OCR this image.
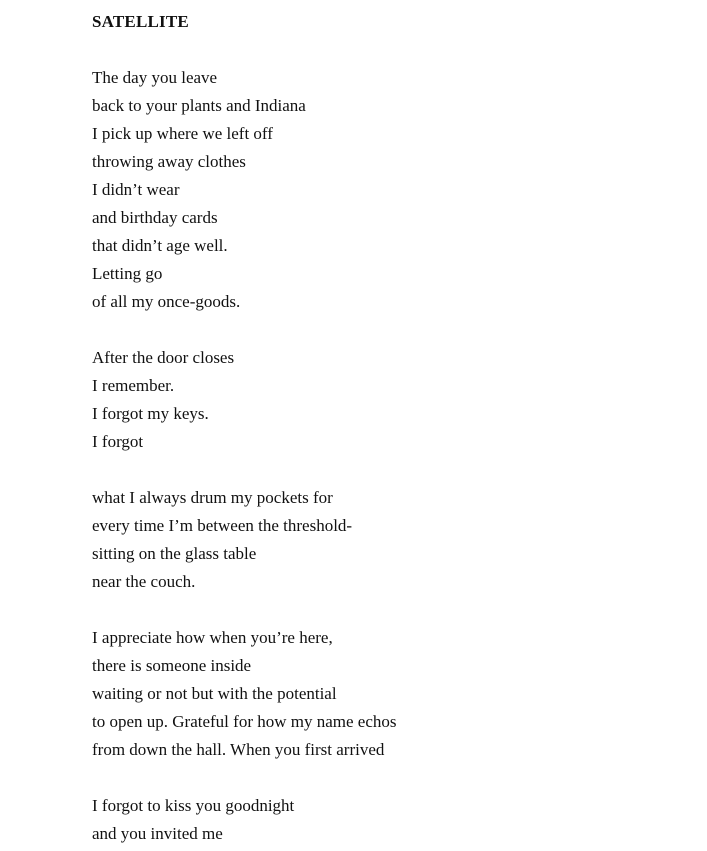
SATELLITE
The day you leave
back to your plants and Indiana
I pick up where we left off
throwing away clothes
I didn’t wear
and birthday cards
that didn’t age well.
Letting go
of all my once-goods.
After the door closes
I remember.
I forgot my keys.
I forgot
what I always drum my pockets for
every time I’m between the threshold-
sitting on the glass table
near the couch.
I appreciate how when you’re here,
there is someone inside
waiting or not but with the potential
to open up. Grateful for how my name echos
from down the hall. When you first arrived
I forgot to kiss you goodnight
and you invited me
